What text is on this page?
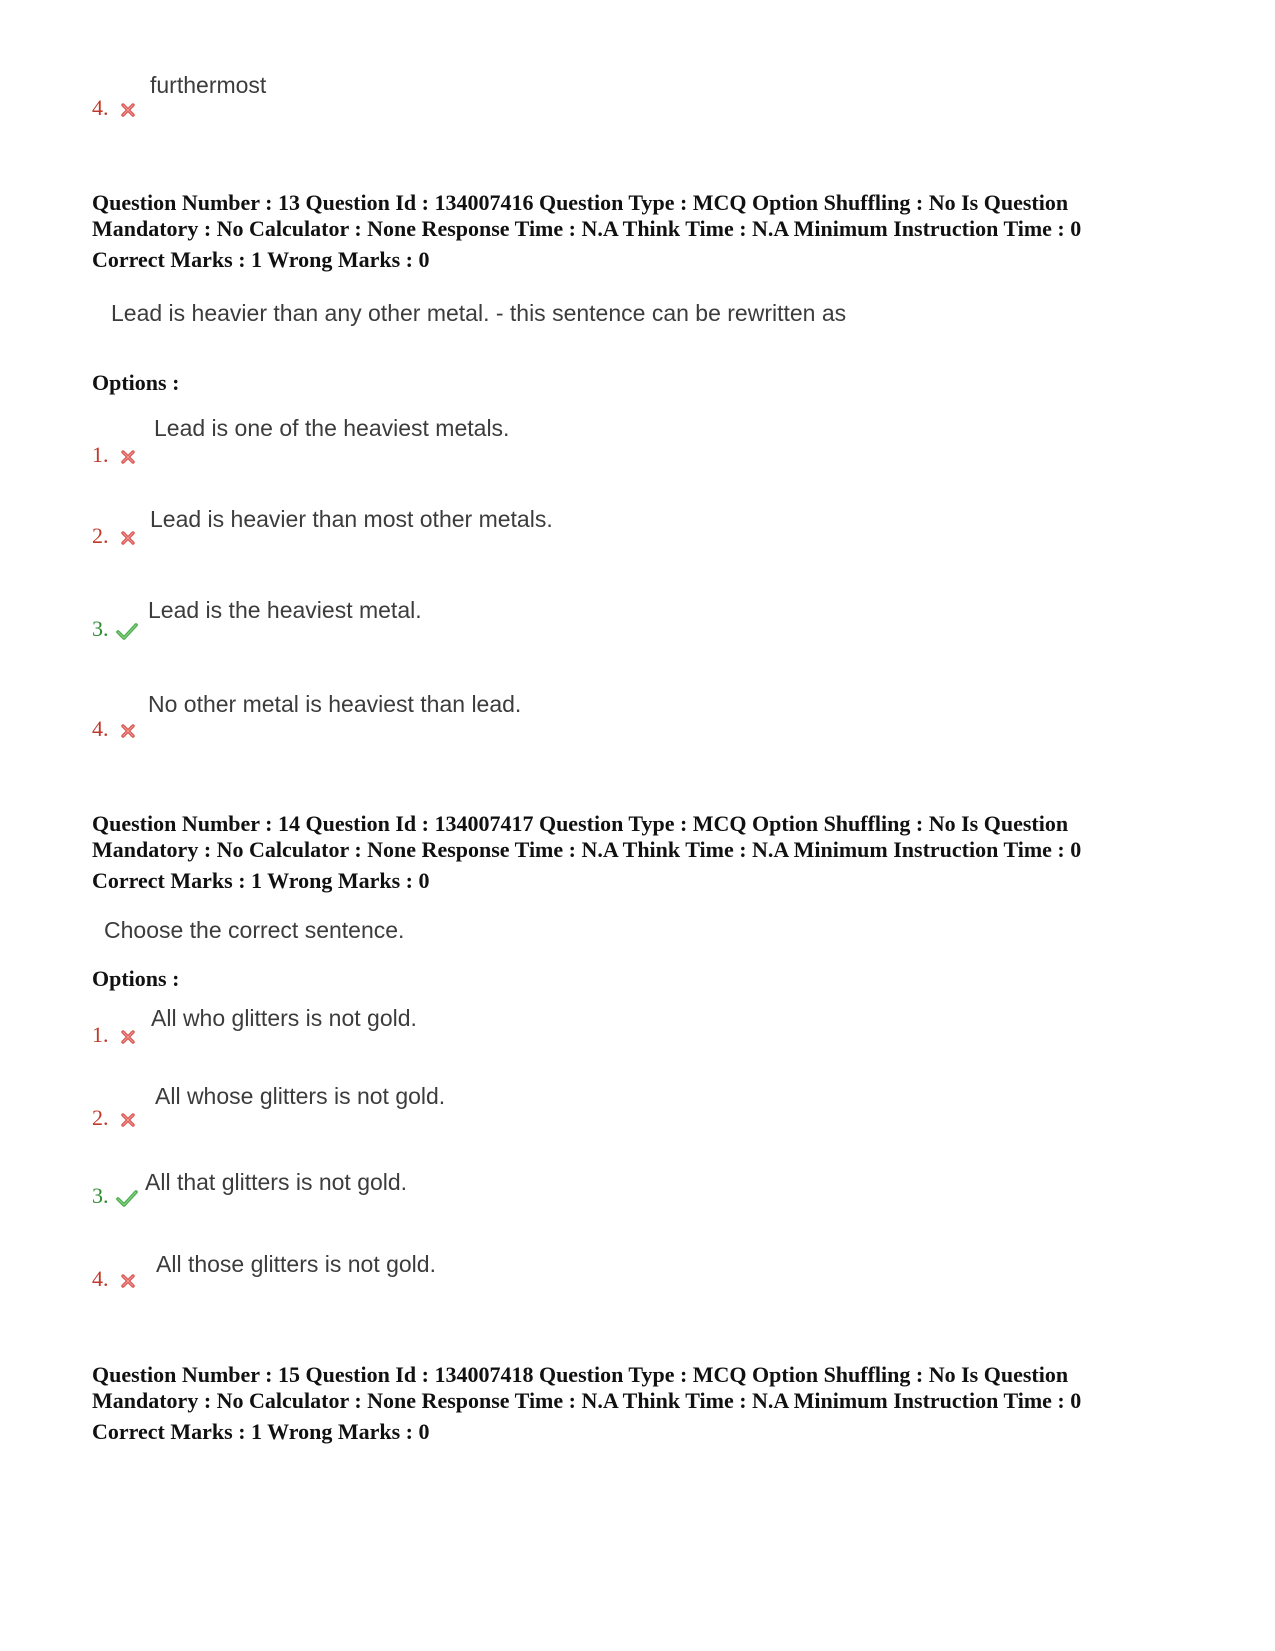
furthermost
4.
Question Number : 13 Question Id : 134007416 Question Type : MCQ Option Shuffling : No Is Question
Mandatory : No Calculator : None Response Time : N.A Think Time : N.A Minimum Instruction Time : 0
Correct Marks : 1 Wrong Marks : 0
Lead is heavier than any other metal. - this sentence can be rewritten as
Options :
Lead is one of the heaviest metals.
1.
Lead is heavier than most other metals.
2.
Lead is the heaviest metal.
3.
No other metal is heaviest than lead.
4.
Question Number : 14 Question Id : 134007417 Question Type : MCQ Option Shuffling : No Is Question
Mandatory : No Calculator : None Response Time : N.A Think Time : N.A Minimum Instruction Time : 0
Correct Marks : 1 Wrong Marks : 0
Choose the correct sentence.
Options :
All who glitters is not gold.
1.
All whose glitters is not gold.
2.
All that glitters is not gold.
3.
All those glitters is not gold.
4.
Question Number : 15 Question Id : 134007418 Question Type : MCQ Option Shuffling : No Is Question
Mandatory : No Calculator : None Response Time : N.A Think Time : N.A Minimum Instruction Time : 0
Correct Marks : 1 Wrong Marks : 0
